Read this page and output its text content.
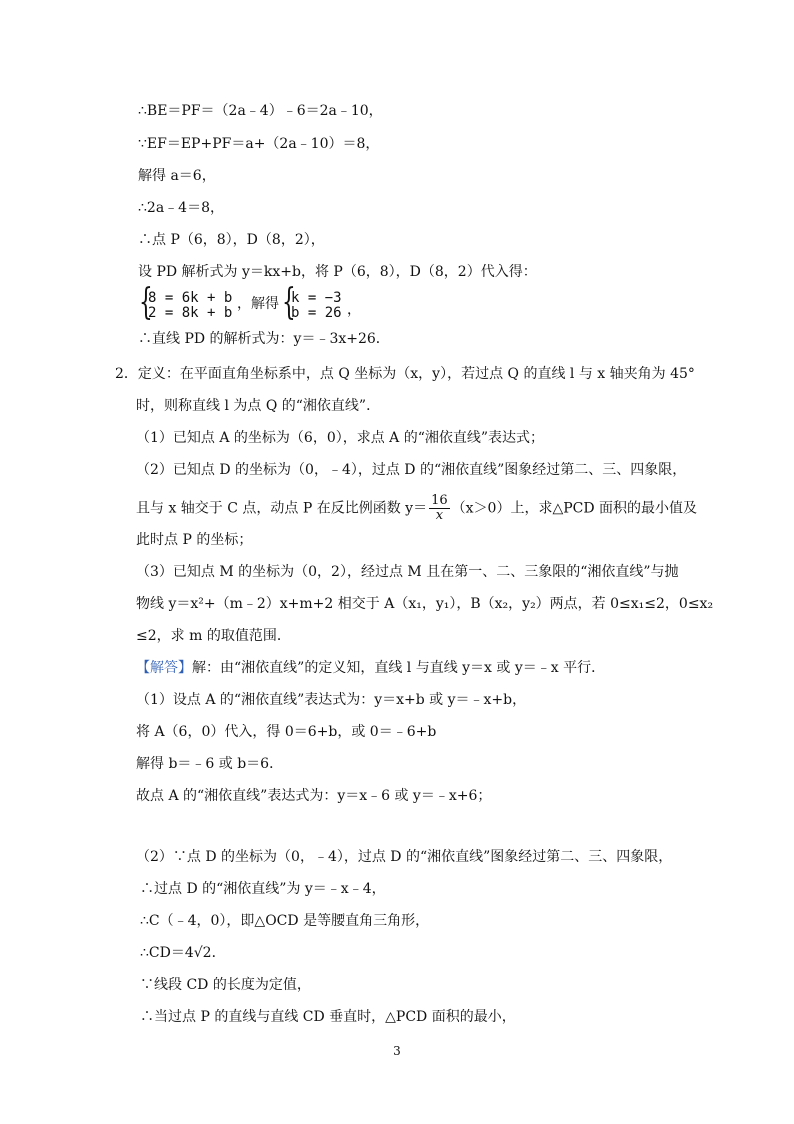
∴BE＝PF＝（2a﹣4）﹣6＝2a﹣10，
∵EF＝EP+PF＝a+（2a﹣10）＝8，
解得 a＝6，
∴2a﹣4＝8，
∴点 P（6，8），D（8，2），
设 PD 解析式为 y＝kx+b，将 P（6，8），D（8，2）代入得：
{
8 = 6k + b
2 = 8k + b
，解得 {
k = −3
b = 26 ，
∴直线 PD 的解析式为：y＝﹣3x+26．
2．定义：在平面直角坐标系中，点 Q 坐标为（x，y），若过点 Q 的直线 l 与 x 轴夹角为 45°
时，则称直线 l 为点 Q 的“湘依直线”．
（1）已知点 A 的坐标为（6，0），求点 A 的“湘依直线”表达式；
（2）已知点 D 的坐标为（0，﹣4），过点 D 的“湘依直线”图象经过第二、三、四象限，
且与 x 轴交于 C 点，动点 P 在反比例函数 $y= \frac{16}{x} (x>0)$上，求△PCD 面积的最小值及
此时点 P 的坐标；
（3）已知点 M 的坐标为（0，2），经过点 M 且在第一、二、三象限的“湘依直线”与抛
物线 y＝x²+（m﹣2）x+m+2 相交于 A（x₁，y₁），B（x₂，y₂）两点，若 0≤x₁≤2，0≤x₂
≤2，求 m 的取值范围．
【解答】解：由“湘依直线”的定义知，直线 l 与直线 y＝x 或 y＝﹣x 平行．
（1）设点 A 的“湘依直线”表达式为：y＝x+b 或 y＝﹣x+b，
将 A（6，0）代入，得 0＝6+b，或 0＝﹣6+b
解得 b＝﹣6 或 b＝6．
故点 A 的“湘依直线”表达式为：y＝x﹣6 或 y＝﹣x+6；
（2）∵点 D 的坐标为（0，﹣4），过点 D 的“湘依直线”图象经过第二、三、四象限，
∴过点 D 的“湘依直线”为 y＝﹣x﹣4，
∴C（﹣4，0），即△OCD 是等腰直角三角形，
∴CD＝4√2．
∵线段 CD 的长度为定值，
∴当过点 P 的直线与直线 CD 垂直时，△PCD 面积的最小，
3
